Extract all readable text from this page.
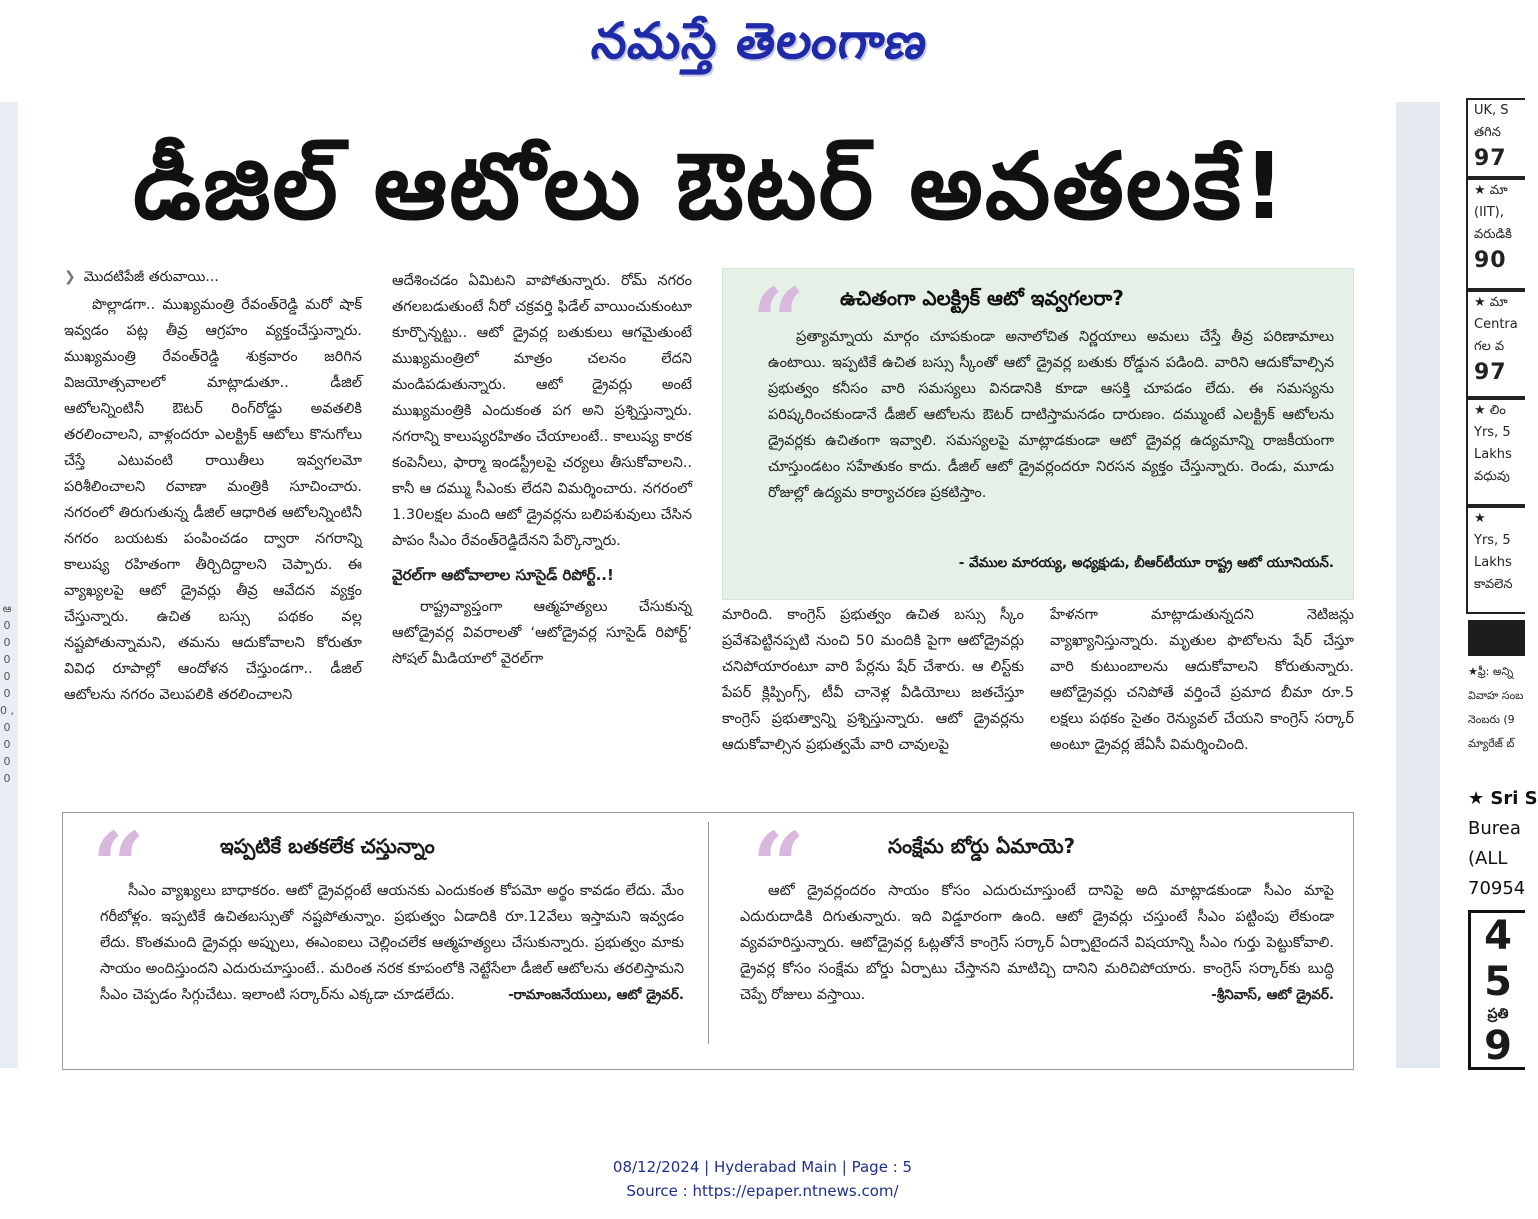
నమస్తే తెలంగాణ
ఆ 0 0 0 0 0 0 , 0 0 0 0
డీజిల్ ఆటోలు ఔటర్ అవతలకే!
❯ మొదటిపేజీ తరువాయి...

పొల్లాడగా.. ముఖ్యమంత్రి రేవంత్‌రెడ్డి మరో షాక్ ఇవ్వడం పట్ల తీవ్ర ఆగ్రహం వ్యక్తంచేస్తున్నారు. ముఖ్యమంత్రి రేవంత్‌రెడ్డి శుక్రవారం జరిగిన విజయోత్సవాలలో మాట్లాడుతూ.. డీజిల్ ఆటోలన్నింటినీ ఔటర్ రింగ్‌రోడ్డు అవతలికి తరలించాలని, వాళ్లందరూ ఎలక్ట్రిక్ ఆటోలు కొనుగోలు చేస్తే ఎటువంటి రాయితీలు ఇవ్వగలమో పరిశీలించాలని రవాణా మంత్రికి సూచించారు. నగరంలో తిరుగుతున్న డీజిల్ ఆధారిత ఆటోలన్నింటినీ నగరం బయటకు పంపించడం ద్వారా నగరాన్ని కాలుష్య రహితంగా తీర్చిదిద్దాలని చెప్పారు. ఈ వ్యాఖ్యలపై ఆటో డ్రైవర్లు తీవ్ర ఆవేదన వ్యక్తం చేస్తున్నారు. ఉచిత బస్సు పథకం వల్ల నష్టపోతున్నామని, తమను ఆదుకోవాలని కోరుతూ వివిధ రూపాల్లో ఆందోళన చేస్తుండగా.. డీజిల్ ఆటోలను నగరం వెలుపలికి తరలించాలని

ఆదేశించడం ఏమిటని వాపోతున్నారు. రోమ్ నగరం తగలబడుతుంటే నీరో చక్రవర్తి ఫిడేల్ వాయించుకుంటూ కూర్చొన్నట్టు.. ఆటో డ్రైవర్ల బతుకులు ఆగమైతుంటే ముఖ్యమంత్రిలో మాత్రం చలనం లేదని మండిపడుతున్నారు. ఆటో డ్రైవర్లు అంటే ముఖ్యమంత్రికి ఎందుకంత పగ అని ప్రశ్నిస్తున్నారు. నగరాన్ని కాలుష్యరహితం చేయాలంటే.. కాలుష్య కారక కంపెనీలు, ఫార్మా ఇండస్ట్రీలపై చర్యలు తీసుకోవాలని.. కానీ ఆ దమ్ము సీఎంకు లేదని విమర్శించారు. నగరంలో 1.30లక్షల మంది ఆటో డ్రైవర్లను బలిపశువులు చేసిన పాపం సీఎం రేవంత్‌రెడ్డిదేనని పేర్కొన్నారు.

వైరల్‌గా ఆటోవాలాల సూసైడ్ రిపోర్ట్..!

రాష్ట్రవ్యాప్తంగా ఆత్మహత్యలు చేసుకున్న ఆటోడ్రైవర్ల వివరాలతో ‘ఆటోడ్రైవర్ల సూసైడ్ రిపోర్ట్’ సోషల్ మీడియాలో వైరల్‌గా

“	ఉచితంగా ఎలక్ట్రిక్ ఆటో ఇవ్వగలరా?

ప్రత్యామ్నాయ మార్గం చూపకుండా అనాలోచిత నిర్ణయాలు అమలు చేస్తే తీవ్ర పరిణామాలు ఉంటాయి. ఇప్పటికే ఉచిత బస్సు స్కీంతో ఆటో డ్రైవర్ల బతుకు రోడ్డున పడింది. వారిని ఆదుకోవాల్సిన ప్రభుత్వం కనీసం వారి సమస్యలు వినడానికి కూడా ఆసక్తి చూపడం లేదు. ఈ సమస్యను పరిష్కరించకుండానే డీజిల్ ఆటోలను ఔటర్ దాటిస్తామనడం దారుణం. దమ్ముంటే ఎలక్ట్రిక్ ఆటోలను డ్రైవర్లకు ఉచితంగా ఇవ్వాలి. సమస్యలపై మాట్లాడకుండా ఆటో డ్రైవర్ల ఉద్యమాన్ని రాజకీయంగా చూస్తుండటం సహేతుకం కాదు. డీజిల్ ఆటో డ్రైవర్లందరూ నిరసన వ్యక్తం చేస్తున్నారు. రెండు, మూడు రోజుల్లో ఉద్యమ కార్యాచరణ ప్రకటిస్తాం.

- వేముల మారయ్య, అధ్యక్షుడు, బీఆర్‌టీయూ రాష్ట్ర ఆటో యూనియన్.

మారింది. కాంగ్రెస్ ప్రభుత్వం ఉచిత బస్సు స్కీం ప్రవేశపెట్టినప్పటి నుంచి 50 మందికి పైగా ఆటోడ్రైవర్లు చనిపోయారంటూ వారి పేర్లను షేర్ చేశారు. ఆ లిస్ట్‌కు పేపర్ క్లిప్పింగ్స్, టీవీ చానెళ్ల వీడియోలు జతచేస్తూ కాంగ్రెస్ ప్రభుత్వాన్ని ప్రశ్నిస్తున్నారు. ఆటో డ్రైవర్లను ఆదుకోవాల్సిన ప్రభుత్వమే వారి చావులపై

హేళనగా మాట్లాడుతున్నదని నెటిజన్లు వ్యాఖ్యానిస్తున్నారు. మృతుల ఫొటోలను షేర్ చేస్తూ వారి కుటుంబాలను ఆదుకోవాలని కోరుతున్నారు. ఆటోడ్రైవర్లు చనిపోతే వర్తించే ప్రమాద బీమా రూ.5 లక్షలు పథకం సైతం రెన్యువల్ చేయని కాంగ్రెస్ సర్కార్ అంటూ డ్రైవర్ల జేఏసీ విమర్శించింది.

“	ఇప్పటికే బతకలేక చస్తున్నాం

సీఎం వ్యాఖ్యలు బాధాకరం. ఆటో డ్రైవర్లంటే ఆయనకు ఎందుకంత కోపమో అర్థం కావడం లేదు. మేం గరీబోళ్లం. ఇప్పటికే ఉచితబస్సుతో నష్టపోతున్నాం. ప్రభుత్వం ఏడాదికి రూ.12వేలు ఇస్తామని ఇవ్వడం లేదు. కొంతమంది డ్రైవర్లు అప్పులు, ఈఎంఐలు చెల్లించలేక ఆత్మహత్యలు చేసుకున్నారు. ప్రభుత్వం మాకు సాయం అందిస్తుందని ఎదురుచూస్తుంటే.. మరింత నరక కూపంలోకి నెట్టేసేలా డీజిల్ ఆటోలను తరలిస్తామని సీఎం చెప్పడం సిగ్గుచేటు. ఇలాంటి సర్కార్‌ను ఎక్కడా చూడలేదు.	-రామాంజనేయులు, ఆటో డ్రైవర్.

“	సంక్షేమ బోర్డు ఏమాయె?

ఆటో డ్రైవర్లందరం సాయం కోసం ఎదురుచూస్తుంటే దానిపై అది మాట్లాడకుండా సీఎం మాపై ఎదురుదాడికి దిగుతున్నారు. ఇది విడ్డూరంగా ఉంది. ఆటో డ్రైవర్లు చస్తుంటే సీఎం పట్టింపు లేకుండా వ్యవహరిస్తున్నారు. ఆటోడ్రైవర్ల ఓట్లతోనే కాంగ్రెస్ సర్కార్ ఏర్పాటైందనే విషయాన్ని సీఎం గుర్తు పెట్టుకోవాలి. డ్రైవర్ల కోసం సంక్షేమ బోర్డు ఏర్పాటు చేస్తానని మాటిచ్చి దానిని మరిచిపోయారు. కాంగ్రెస్ సర్కార్‌కు బుద్ధి చెప్పే రోజులు వస్తాయి.	-శ్రీనివాస్, ఆటో డ్రైవర్.

UK, S
తగిన
97
★ మా
(IIT),
వరుడికి
90
★ మా
Centra
గల వ
97
★ లిం
Yrs, 5
Lakhs
వధువు
★
Yrs, 5
Lakhs
కావలెన
★ఫ్రీ: అన్ని
వివాహ సంబ
నెంబరు (9
మ్యారేజ్ బ్
★ Sri S
Burea
(ALL
70954
4
5
ప్రతి
9
08/12/2024 | Hyderabad Main | Page : 5
Source : https://epaper.ntnews.com/
